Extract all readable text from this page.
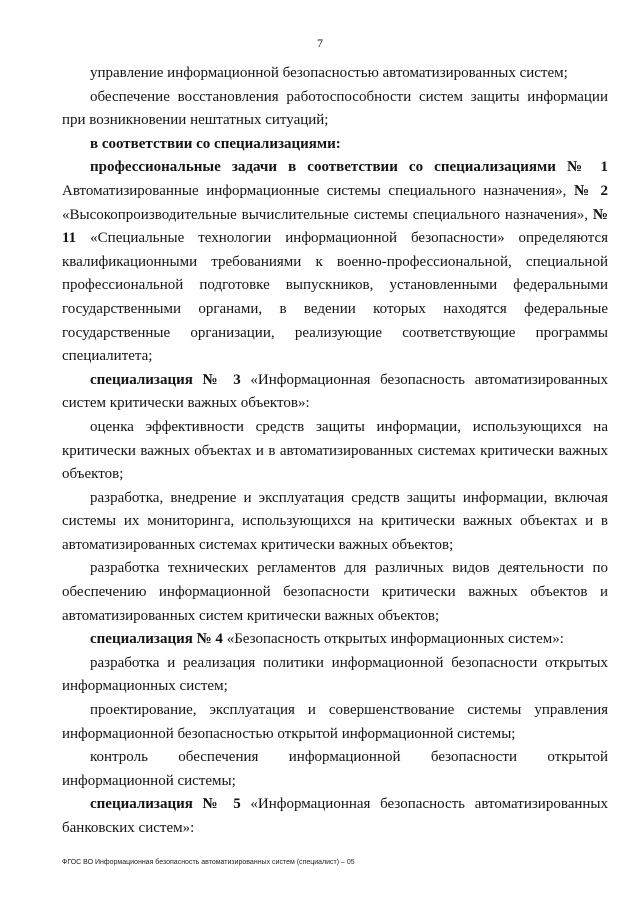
7

управление информационной безопасностью автоматизированных систем;

обеспечение восстановления работоспособности систем защиты информации при возникновении нештатных ситуаций;

в соответствии со специализациями:

профессиональные задачи в соответствии со специализациями № 1 Автоматизированные информационные системы специального назначения», № 2 «Высокопроизводительные вычислительные системы специального назначения», № 11 «Специальные технологии информационной безопасности» определяются квалификационными требованиями к военно-профессиональной, специальной профессиональной подготовке выпускников, установленными федеральными государственными органами, в ведении которых находятся федеральные государственные организации, реализующие соответствующие программы специалитета;

специализация № 3 «Информационная безопасность автоматизированных систем критически важных объектов»:

оценка эффективности средств защиты информации, использующихся на критически важных объектах и в автоматизированных системах критически важных объектов;

разработка, внедрение и эксплуатация средств защиты информации, включая системы их мониторинга, использующихся на критически важных объектах и в автоматизированных системах критически важных объектов;

разработка технических регламентов для различных видов деятельности по обеспечению информационной безопасности критически важных объектов и автоматизированных систем критически важных объектов;

специализация № 4 «Безопасность открытых информационных систем»:

разработка и реализация политики информационной безопасности открытых информационных систем;

проектирование, эксплуатация и совершенствование системы управления информационной безопасностью открытой информационной системы;

контроль обеспечения информационной безопасности открытой информационной системы;

специализация № 5 «Информационная безопасность автоматизированных банковских систем»:

ФГОС ВО Информационная безопасность автоматизированных систем (специалист) – 05
